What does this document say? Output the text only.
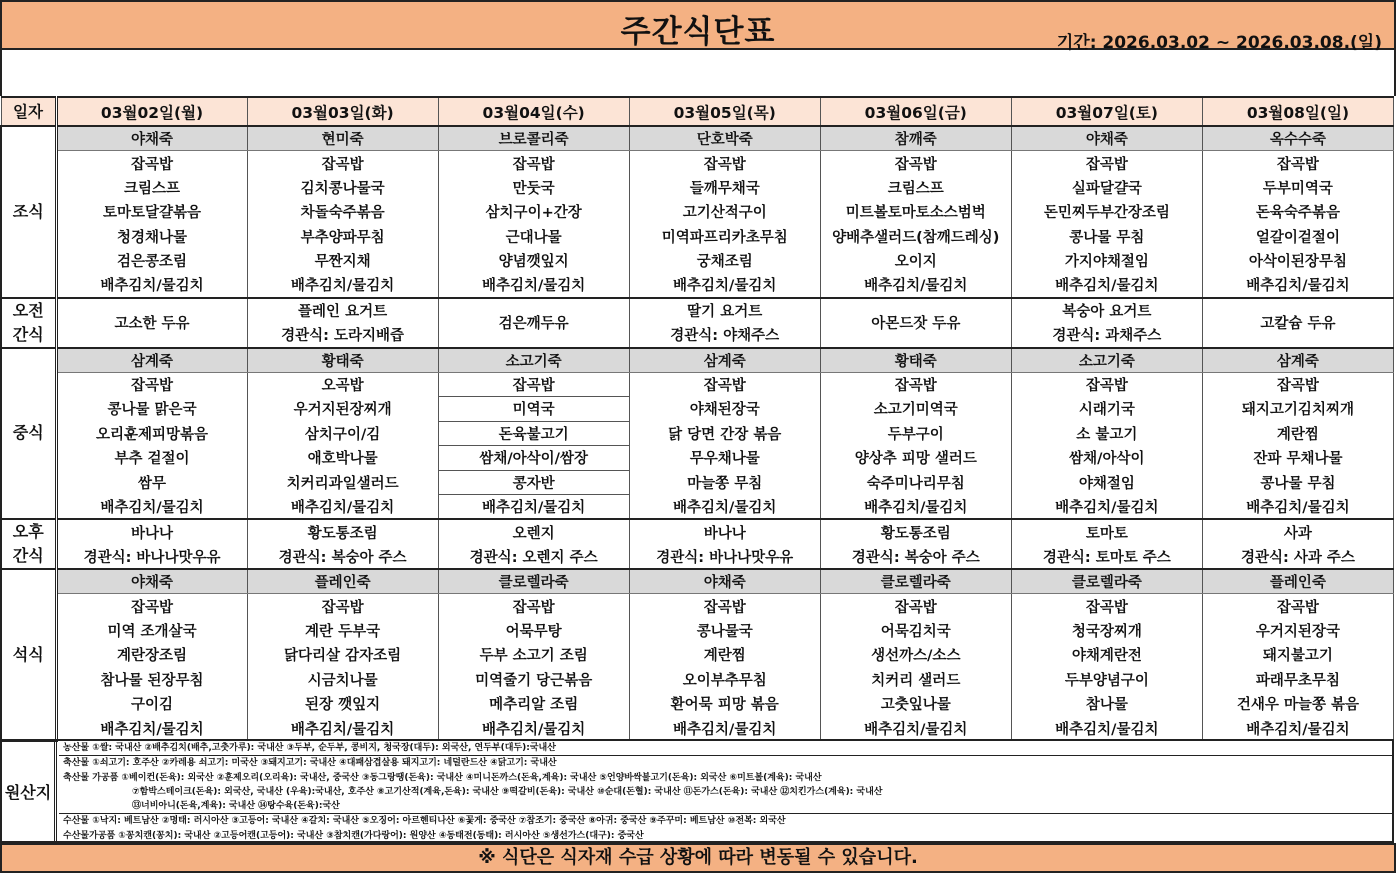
주간식단표	기간: 2026.03.02 ~ 2026.03.08.(일)
일자	03월02일(월)	03월03일(화)	03월04일(수)	03월05일(목)	03월06일(금)	03월07일(토)	03월08일(일)
조식	야채죽	현미죽	브로콜리죽	단호박죽	참깨죽	야채죽	옥수수죽
	잡곡밥	잡곡밥	잡곡밥	잡곡밥	잡곡밥	잡곡밥	잡곡밥
	크림스프	김치콩나물국	만둣국	들깨무채국	크림스프	실파달걀국	두부미역국
	토마토달걀볶음	차돌숙주볶음	삼치구이+간장	고기산적구이	미트볼토마토소스범벅	돈민찌두부간장조림	돈육숙주볶음
	청경채나물	부추양파무침	근대나물	미역파프리카초무침	양배추샐러드(참깨드레싱)	콩나물 무침	얼갈이겉절이
	검은콩조림	무짠지채	양념깻잎지	궁채조림	오이지	가지야채절임	아삭이된장무침
	배추김치/물김치	배추김치/물김치	배추김치/물김치	배추김치/물김치	배추김치/물김치	배추김치/물김치	배추김치/물김치
오전
간식	고소한 두유	플레인 요거트	검은깨두유	딸기 요거트	아몬드잣 두유	복숭아 요거트	고칼슘 두유
		경관식: 도라지배즙		경관식: 야채주스		경관식: 과채주스	
중식	삼계죽	황태죽	소고기죽	삼계죽	황태죽	소고기죽	삼계죽
	잡곡밥	오곡밥	잡곡밥	잡곡밥	잡곡밥	잡곡밥	잡곡밥
	콩나물 맑은국	우거지된장찌개	미역국	야채된장국	소고기미역국	시래기국	돼지고기김치찌개
	오리훈제피망볶음	삼치구이/김	돈육불고기	닭 당면 간장 볶음	두부구이	소 불고기	계란찜
	부추 겉절이	애호박나물	쌈채/아삭이/쌈장	무우채나물	양상추 피망 샐러드	쌈채/아삭이	잔파 무채나물
	쌈무	치커리과일샐러드	콩자반	마늘쫑 무침	숙주미나리무침	야채절임	콩나물 무침
	배추김치/물김치	배추김치/물김치	배추김치/물김치	배추김치/물김치	배추김치/물김치	배추김치/물김치	배추김치/물김치
오후
간식	바나나	황도통조림	오렌지	바나나	황도통조림	토마토	사과
	경관식: 바나나맛우유	경관식: 복숭아 주스	경관식: 오렌지 주스	경관식: 바나나맛우유	경관식: 복숭아 주스	경관식: 토마토 주스	경관식: 사과 주스
석식	야채죽	플레인죽	클로렐라죽	야채죽	클로렐라죽	클로렐라죽	플레인죽
	잡곡밥	잡곡밥	잡곡밥	잡곡밥	잡곡밥	잡곡밥	잡곡밥
	미역 조개살국	계란 두부국	어묵무탕	콩나물국	어묵김치국	청국장찌개	우거지된장국
	계란장조림	닭다리살 감자조림	두부 소고기 조림	계란찜	생선까스/소스	야채계란전	돼지불고기
	참나물 된장무침	시금치나물	미역줄기 당근볶음	오이부추무침	치커리 샐러드	두부양념구이	파래무초무침
	구이김	된장 깻잎지	메추리알 조림	환어묵 피망 볶음	고춧잎나물	참나물	건새우 마늘쫑 볶음
	배추김치/물김치	배추김치/물김치	배추김치/물김치	배추김치/물김치	배추김치/물김치	배추김치/물김치	배추김치/물김치
원산지
농산물 ①쌀: 국내산 ②배추김치(배추,고춧가루): 국내산 ③두부, 순두부, 콩비지, 청국장(대두): 외국산, 연두부(대두):국내산
축산물 ①쇠고기: 호주산 ②카레용 쇠고기: 미국산 ③돼지고기: 국내산 ④대패삼겹살용 돼지고기: 네덜란드산 ④닭고기: 국내산
축산물 가공품 ①베이컨(돈육): 외국산 ②훈제오리(오리육): 국내산, 중국산 ③동그랑땡(돈육): 국내산 ④미니돈까스(돈육,계육): 국내산 ⑤언양바싹불고기(돈육): 외국산 ⑥미트볼(계육): 국내산
⑦함박스테이크(돈육): 외국산, 국내산 (우육):국내산, 호주산 ⑧고기산적(계육,돈육): 국내산 ⑨떡갈비(돈육): 국내산 ⑩순대(돈혈): 국내산 ⑪돈가스(돈육): 국내산 ⑫치킨가스(계육): 국내산
⑬너비아니(돈육,계육): 국내산 ⑭탕수육(돈육):국산
수산물 ①낙지: 베트남산 ②명태: 러시아산 ③고등어: 국내산 ④갈치: 국내산 ⑤오징어: 아르헨티나산 ⑥꽃게: 중국산 ⑦참조기: 중국산 ⑧아귀: 중국산 ⑨주꾸미: 베트남산 ⑩전복: 외국산
수산물가공품 ①꽁치캔(꽁치): 국내산 ②고등어캔(고등어): 국내산 ③참치캔(가다랑어): 원양산 ④동태전(동태): 러시아산 ⑤생선가스(대구): 중국산
※ 식단은 식자재 수급 상황에 따라 변동될 수 있습니다.
